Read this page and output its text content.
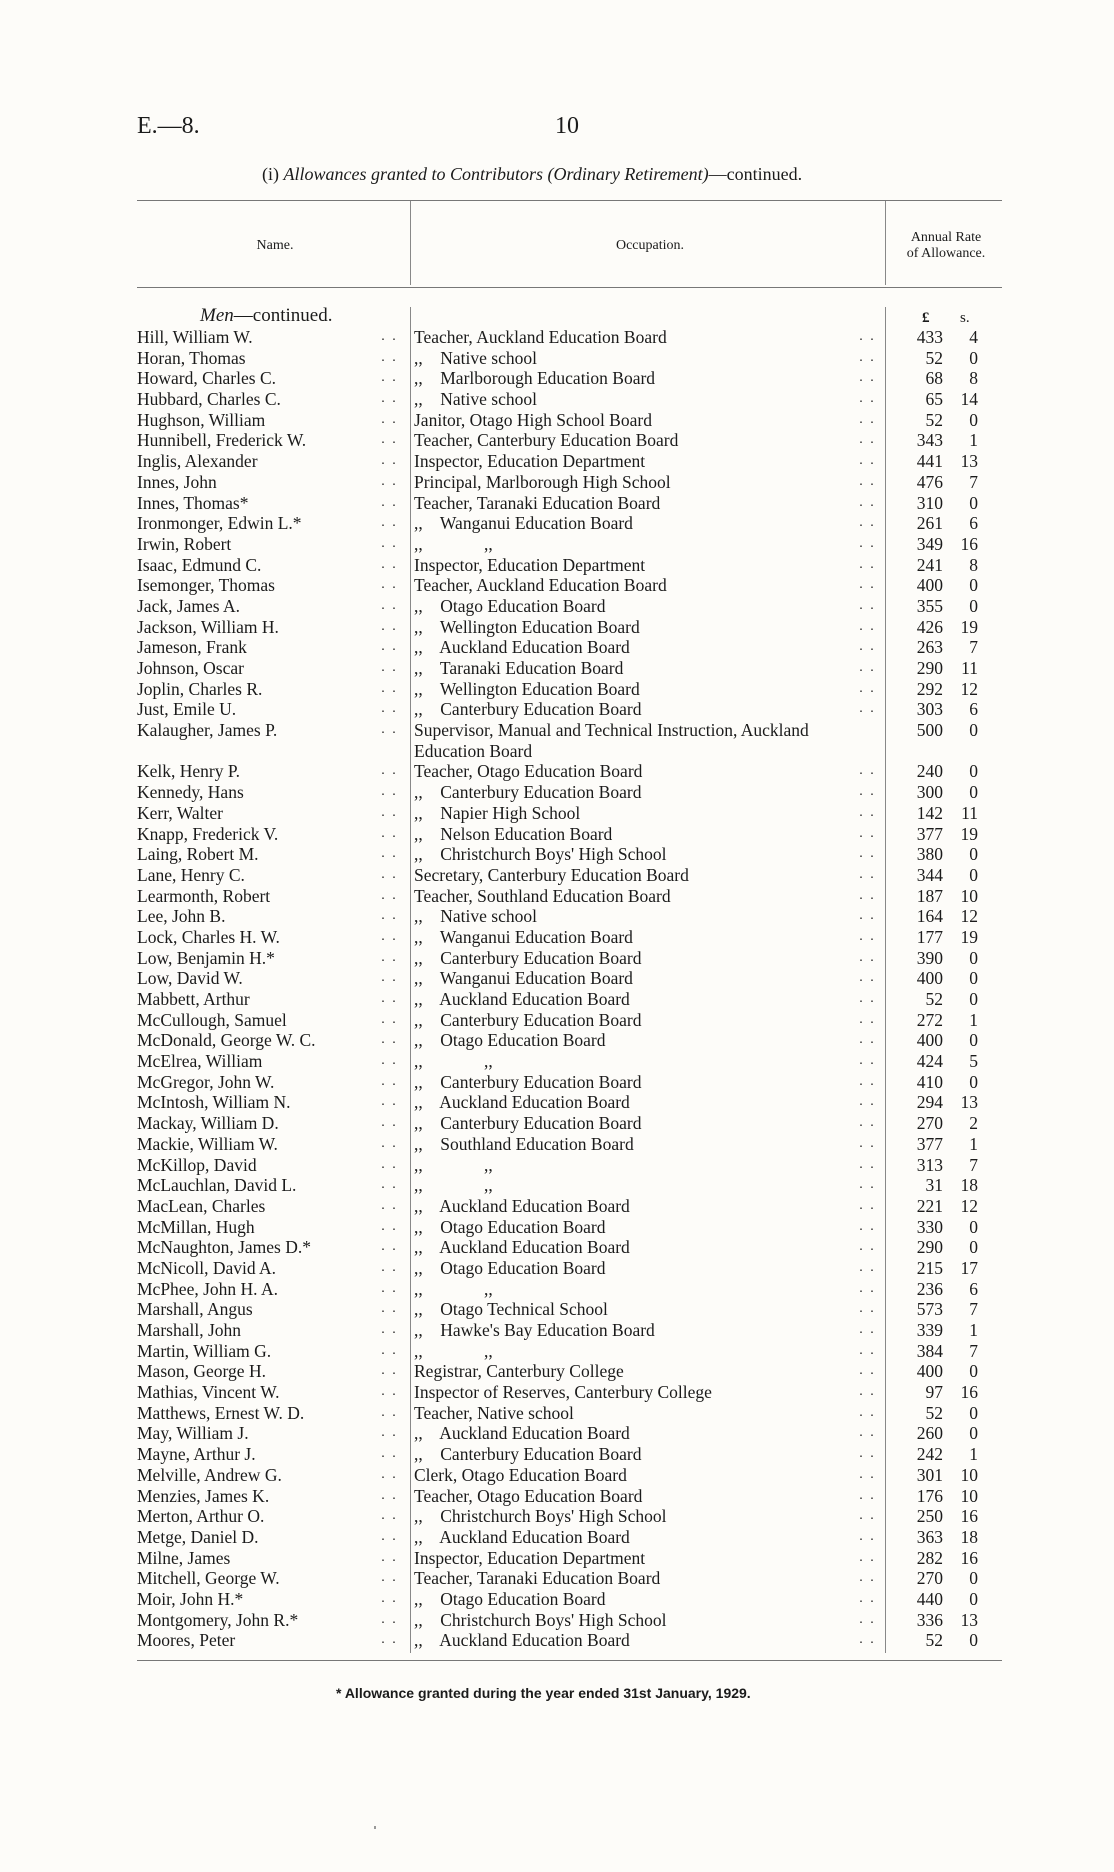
E.—8.	10
(i) Allowances granted to Contributors (Ordinary Retirement)—continued.
Name.	Occupation.
Annual Rate
of Allowance.
Men—continued.	£ s.
Hill, William W.	. . Teacher, Auckland Education Board	. .	433	4
Horan, Thomas	. . ,,    Native school	. .	52	0
Howard, Charles C.	. . ,,    Marlborough Education Board	. .	68	8
Hubbard, Charles C.	. . ,,    Native school	. .	65	14
Hughson, William	. . Janitor, Otago High School Board	. .	52	0
Hunnibell, Frederick W.	. . Teacher, Canterbury Education Board	. .	343	1
Inglis, Alexander	. . Inspector, Education Department	. .	441	13
Innes, John	. . Principal, Marlborough High School	. .	476	7
Innes, Thomas*	. . Teacher, Taranaki Education Board	. .	310	0
Ironmonger, Edwin L.*	. . ,,    Wanganui Education Board	. .	261	6
Irwin, Robert	. . ,,              ,,	. .	349	16
Isaac, Edmund C.	. . Inspector, Education Department	. .	241	8
Isemonger, Thomas	. . Teacher, Auckland Education Board	. .	400	0
Jack, James A.	. . ,,    Otago Education Board	. .	355	0
Jackson, William H.	. . ,,    Wellington Education Board	. .	426	19
Jameson, Frank	. . ,,    Auckland Education Board	. .	263	7
Johnson, Oscar	. . ,,    Taranaki Education Board	. .	290	11
Joplin, Charles R.	. . ,,    Wellington Education Board	. .	292	12
Just, Emile U.	. . ,,    Canterbury Education Board	. .	303	6
Kalaugher, James P.	. . Supervisor, Manual and Technical Instruction, Auckland Education Board
500	0
Kelk, Henry P.	. . Teacher, Otago Education Board	. .	240	0
Kennedy, Hans	. . ,,    Canterbury Education Board	. .	300	0
Kerr, Walter	. . ,,    Napier High School	. .	142	11
Knapp, Frederick V.	. . ,,    Nelson Education Board	. .	377	19
Laing, Robert M.	. . ,,    Christchurch Boys' High School	. .	380	0
Lane, Henry C.	. . Secretary, Canterbury Education Board	. .	344	0
Learmonth, Robert	. . Teacher, Southland Education Board	. .	187	10
Lee, John B.	. . ,,    Native school	. .	164	12
Lock, Charles H. W.	. . ,,    Wanganui Education Board	. .	177	19
Low, Benjamin H.*	. . ,,    Canterbury Education Board	. .	390	0
Low, David W.	. . ,,    Wanganui Education Board	. .	400	0
Mabbett, Arthur	. . ,,    Auckland Education Board	. .	52	0
McCullough, Samuel	. . ,,    Canterbury Education Board	. .	272	1
McDonald, George W. C.	. . ,,    Otago Education Board	. .	400	0
McElrea, William	. . ,,              ,,	. .	424	5
McGregor, John W.	. . ,,    Canterbury Education Board	. .	410	0
McIntosh, William N.	. . ,,    Auckland Education Board	. .	294	13
Mackay, William D.	. . ,,    Canterbury Education Board	. .	270	2
Mackie, William W.	. . ,,    Southland Education Board	. .	377	1
McKillop, David	. . ,,              ,,	. .	313	7
McLauchlan, David L.	. . ,,              ,,	. .	31	18
MacLean, Charles	. . ,,    Auckland Education Board	. .	221	12
McMillan, Hugh	. . ,,    Otago Education Board	. .	330	0
McNaughton, James D.*	. . ,,    Auckland Education Board	. .	290	0
McNicoll, David A.	. . ,,    Otago Education Board	. .	215	17
McPhee, John H. A.	. . ,,              ,,	. .	236	6
Marshall, Angus	. . ,,    Otago Technical School	. .	573	7
Marshall, John	. . ,,    Hawke's Bay Education Board	. .	339	1
Martin, William G.	. . ,,              ,,	. .	384	7
Mason, George H.	. . Registrar, Canterbury College	. .	400	0
Mathias, Vincent W.	. . Inspector of Reserves, Canterbury College	. .	97	16
Matthews, Ernest W. D.	. . Teacher, Native school	. .	52	0
May, William J.	. . ,,    Auckland Education Board	. .	260	0
Mayne, Arthur J.	. . ,,    Canterbury Education Board	. .	242	1
Melville, Andrew G.	. . Clerk, Otago Education Board	. .	301	10
Menzies, James K.	. . Teacher, Otago Education Board	. .	176	10
Merton, Arthur O.	. . ,,    Christchurch Boys' High School	. .	250	16
Metge, Daniel D.	. . ,,    Auckland Education Board	. .	363	18
Milne, James	. . Inspector, Education Department	. .	282	16
Mitchell, George W.	. . Teacher, Taranaki Education Board	. .	270	0
Moir, John H.*	. . ,,    Otago Education Board	. .	440	0
Montgomery, John R.*	. . ,,    Christchurch Boys' High School	. .	336	13
Moores, Peter	. . ,,    Auckland Education Board	. .	52	0
* Allowance granted during the year ended 31st January, 1929.
